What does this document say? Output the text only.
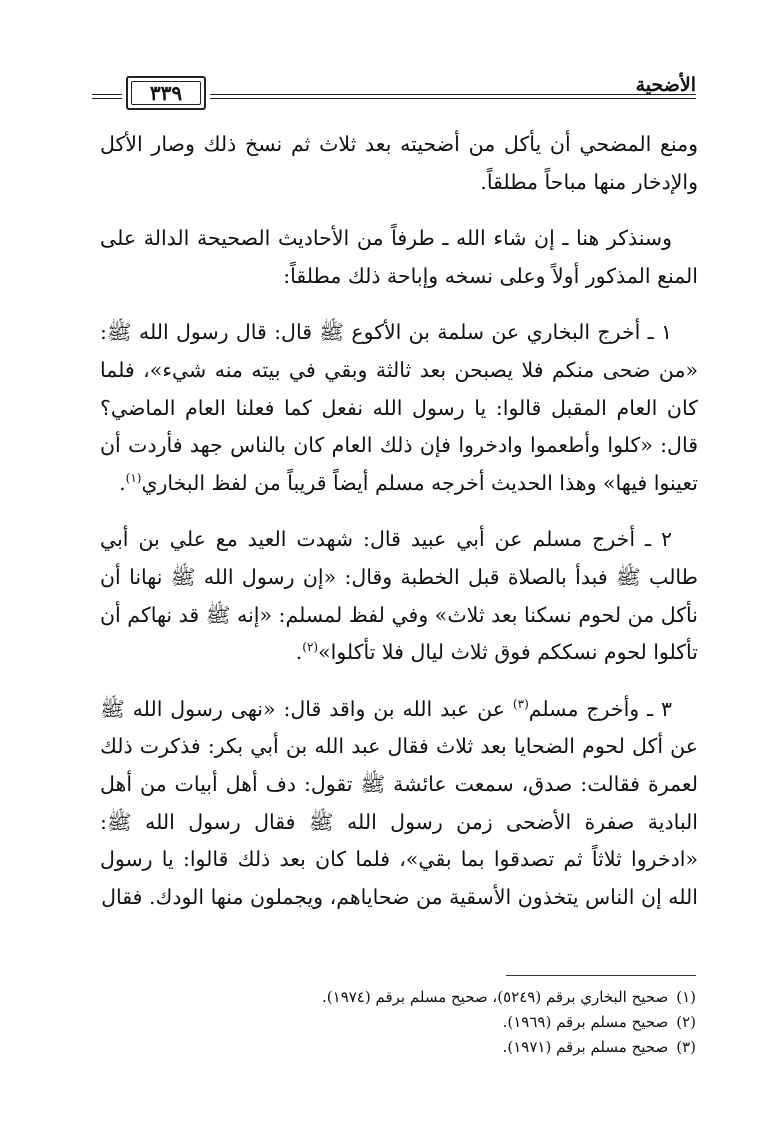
الأضحية
٣٣٩

ومنع المضحي أن يأكل من أضحيته بعد ثلاث ثم نسخ ذلك وصار الأكل والإدخار منها مباحاً مطلقاً.

وسنذكر هنا ـ إن شاء الله ـ طرفاً من الأحاديث الصحيحة الدالة على المنع المذكور أولاً وعلى نسخه وإباحة ذلك مطلقاً:

١ ـ أخرج البخاري عن سلمة بن الأكوع ﷺ قال: قال رسول الله ﷺ: «من ضحى منكم فلا يصبحن بعد ثالثة وبقي في بيته منه شيء»، فلما كان العام المقبل قالوا: يا رسول الله نفعل كما فعلنا العام الماضي؟ قال: «كلوا وأطعموا وادخروا فإن ذلك العام كان بالناس جهد فأردت أن تعينوا فيها» وهذا الحديث أخرجه مسلم أيضاً قريباً من لفظ البخاري$^{(١)}$.

٢ ـ أخرج مسلم عن أبي عبيد قال: شهدت العيد مع علي بن أبي طالب ﷺ فبدأ بالصلاة قبل الخطبة وقال: «إن رسول الله ﷺ نهانا أن نأكل من لحوم نسكنا بعد ثلاث» وفي لفظ لمسلم: «إنه ﷺ قد نهاكم أن تأكلوا لحوم نسككم فوق ثلاث ليال فلا تأكلوا»$^{(٢)}$.

٣ ـ وأخرج مسلم$^{(٣)}$ عن عبد الله بن واقد قال: «نهى رسول الله ﷺ عن أكل لحوم الضحايا بعد ثلاث فقال عبد الله بن أبي بكر: فذكرت ذلك لعمرة فقالت: صدق، سمعت عائشة ﷺ تقول: دف أهل أبيات من أهل البادية صفرة الأضحى زمن رسول الله ﷺ فقال رسول الله ﷺ: «ادخروا ثلاثاً ثم تصدقوا بما بقي»، فلما كان بعد ذلك قالوا: يا رسول الله إن الناس يتخذون الأسقية من ضحاياهم، ويجملون منها الودك. فقال

(١)صحيح البخاري برقم (٥٢٤٩)، صحيح مسلم برقم (١٩٧٤).
(٢)صحيح مسلم برقم (١٩٦٩).
(٣)صحيح مسلم برقم (١٩٧١).
